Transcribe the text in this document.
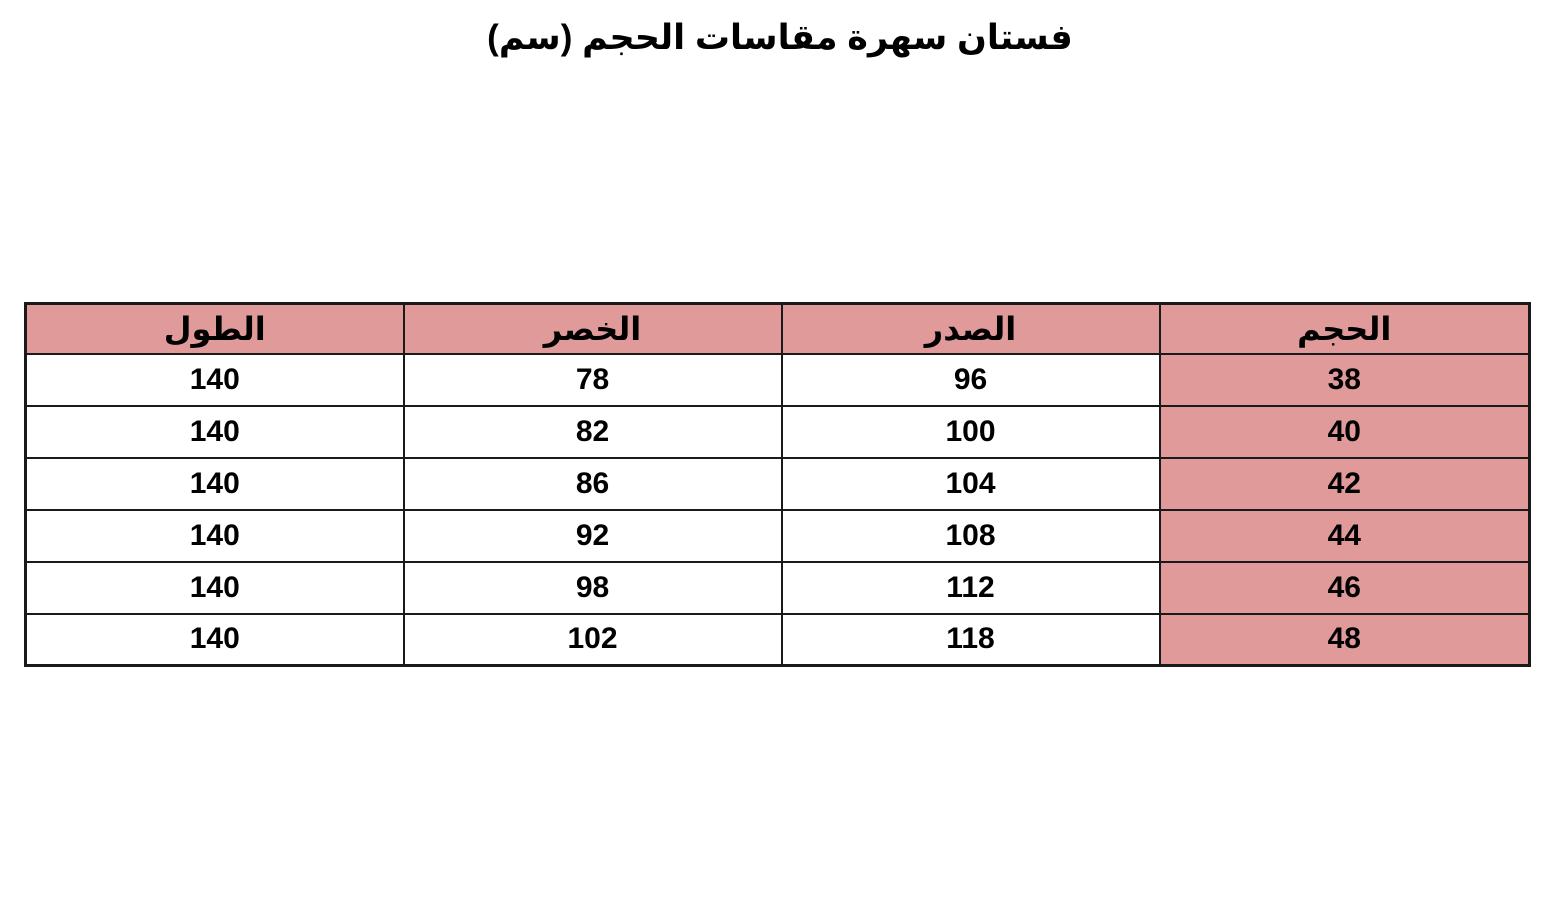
فستان سهرة مقاسات الحجم (سم)
الحجم	الصدر	الخصر	الطول
38	96	78	140
40	100	82	140
42	104	86	140
44	108	92	140
46	112	98	140
48	118	102	140
